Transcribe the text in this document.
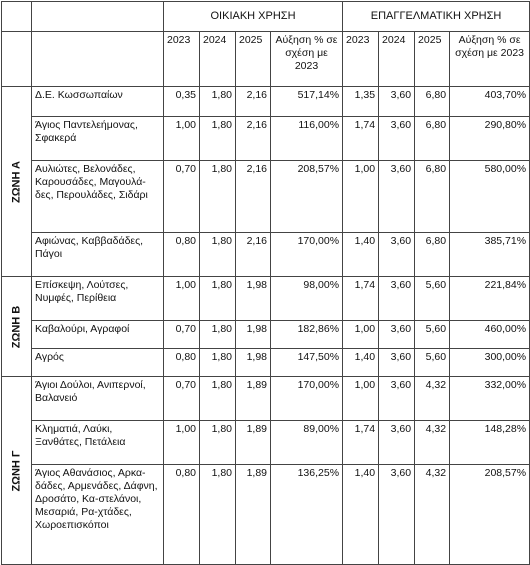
		ΟΙΚΙΑΚΗ ΧΡΗΣΗ				ΕΠΑΓΓΕΛΜΑΤΙΚΗ ΧΡΗΣΗ			
		2023	2024	2025	Αύξηση % σε σχέση με 2023	2023	2024	2025	Αύξηση % σε σχέση με 2023

ΖΩΝΗ Α	Δ.Ε. Κωσσωπαίων	0,35	1,80	2,16	517,14%	1,35	3,60	6,80	403,70%
	Άγιος Παντελεήμονας, Σφακερά	1,00	1,80	2,16	116,00%	1,74	3,60	6,80	290,80%
	Αυλιώτες, Βελονάδες, Καρουσάδες, Μαγουλά-δες, Περουλάδες, Σιδάρι	0,70	1,80	2,16	208,57%	1,00	3,60	6,80	580,00%
	Αφιώνας, Καββαδάδες, Πάγοι	0,80	1,80	2,16	170,00%	1,40	3,60	6,80	385,71%

ΖΩΝΗ Β	Επίσκεψη, Λούτσες, Νυμφές, Περίθεια	1,00	1,80	1,98	98,00%	1,74	3,60	5,60	221,84%
	Καβαλούρι, Αγραφοί	0,70	1,80	1,98	182,86%	1,00	3,60	5,60	460,00%
	Αγρός	0,80	1,80	1,98	147,50%	1,40	3,60	5,60	300,00%

ΖΩΝΗ Γ	Άγιοι Δούλοι, Ανιπερνοί, Βαλανειό	0,70	1,80	1,89	170,00%	1,00	3,60	4,32	332,00%
	Κληματιά, Λαύκι, Ξανθάτες, Πετάλεια	1,00	1,80	1,89	89,00%	1,74	3,60	4,32	148,28%
	Άγιος Αθανάσιος, Αρκα-δάδες, Αρμενάδες, Δάφνη, Δροσάτο, Κα-στελάνοι, Μεσαριά, Ρα-χτάδες, Χωροεπισκόποι	0,80	1,80	1,89	136,25%	1,40	3,60	4,32	208,57%
